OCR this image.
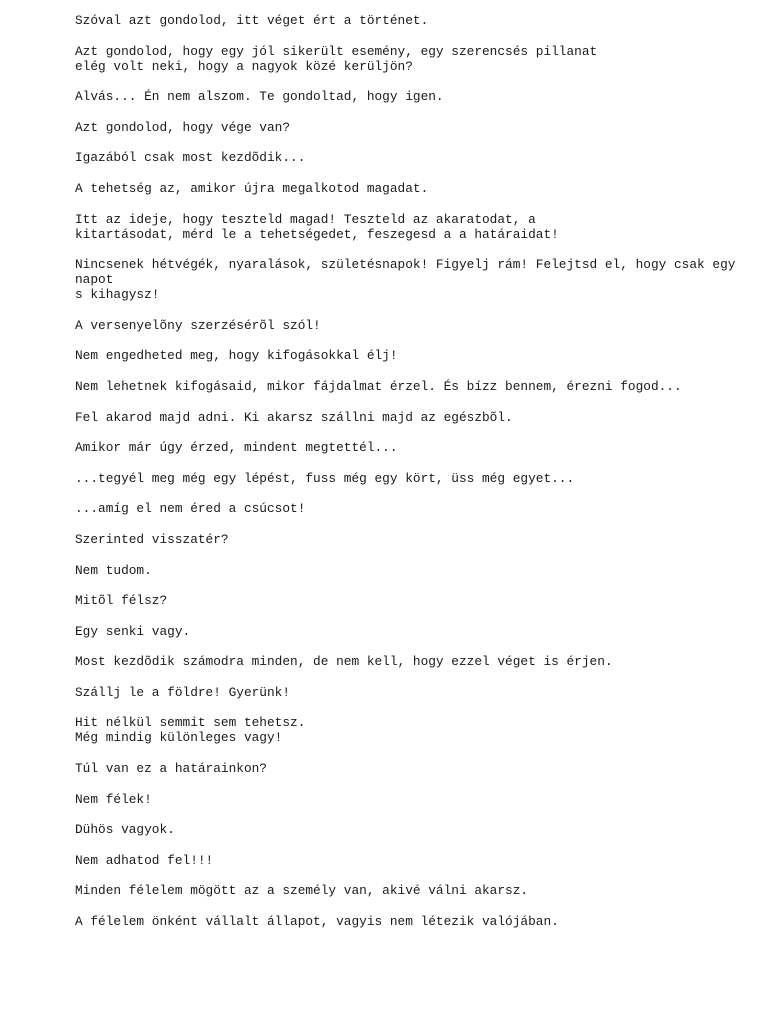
Szóval azt gondolod, itt véget ért a történet.

Azt gondolod, hogy egy jól sikerült esemény, egy szerencsés pillanat
elég volt neki, hogy a nagyok közé kerüljön?

Alvás... Én nem alszom. Te gondoltad, hogy igen.

Azt gondolod, hogy vége van?

Igazából csak most kezdõdik...

A tehetség az, amikor újra megalkotod magadat.

Itt az ideje, hogy teszteld magad! Teszteld az akaratodat, a
kitartásodat, mérd le a tehetségedet, feszegesd a a határaidat!

Nincsenek hétvégék, nyaralások, születésnapok! Figyelj rám! Felejtsd el, hogy csak egy napot
s kihagysz!

A versenyelõny szerzésérõl szól!

Nem engedheted meg, hogy kifogásokkal élj!

Nem lehetnek kifogásaid, mikor fájdalmat érzel. És bízz bennem, érezni fogod...

Fel akarod majd adni. Ki akarsz szállni majd az egészbõl.

Amikor már úgy érzed, mindent megtettél...

...tegyél meg még egy lépést, fuss még egy kört, üss még egyet...

...amíg el nem éred a csúcsot!

Szerinted visszatér?

Nem tudom.

Mitõl félsz?

Egy senki vagy.

Most kezdõdik számodra minden, de nem kell, hogy ezzel véget is érjen.

Szállj le a földre! Gyerünk!

Hit nélkül semmit sem tehetsz.
Még mindig különleges vagy!

Túl van ez a határainkon?

Nem félek!

Dühös vagyok.

Nem adhatod fel!!!

Minden félelem mögött az a személy van, akivé válni akarsz.

A félelem önként vállalt állapot, vagyis nem létezik valójában.
